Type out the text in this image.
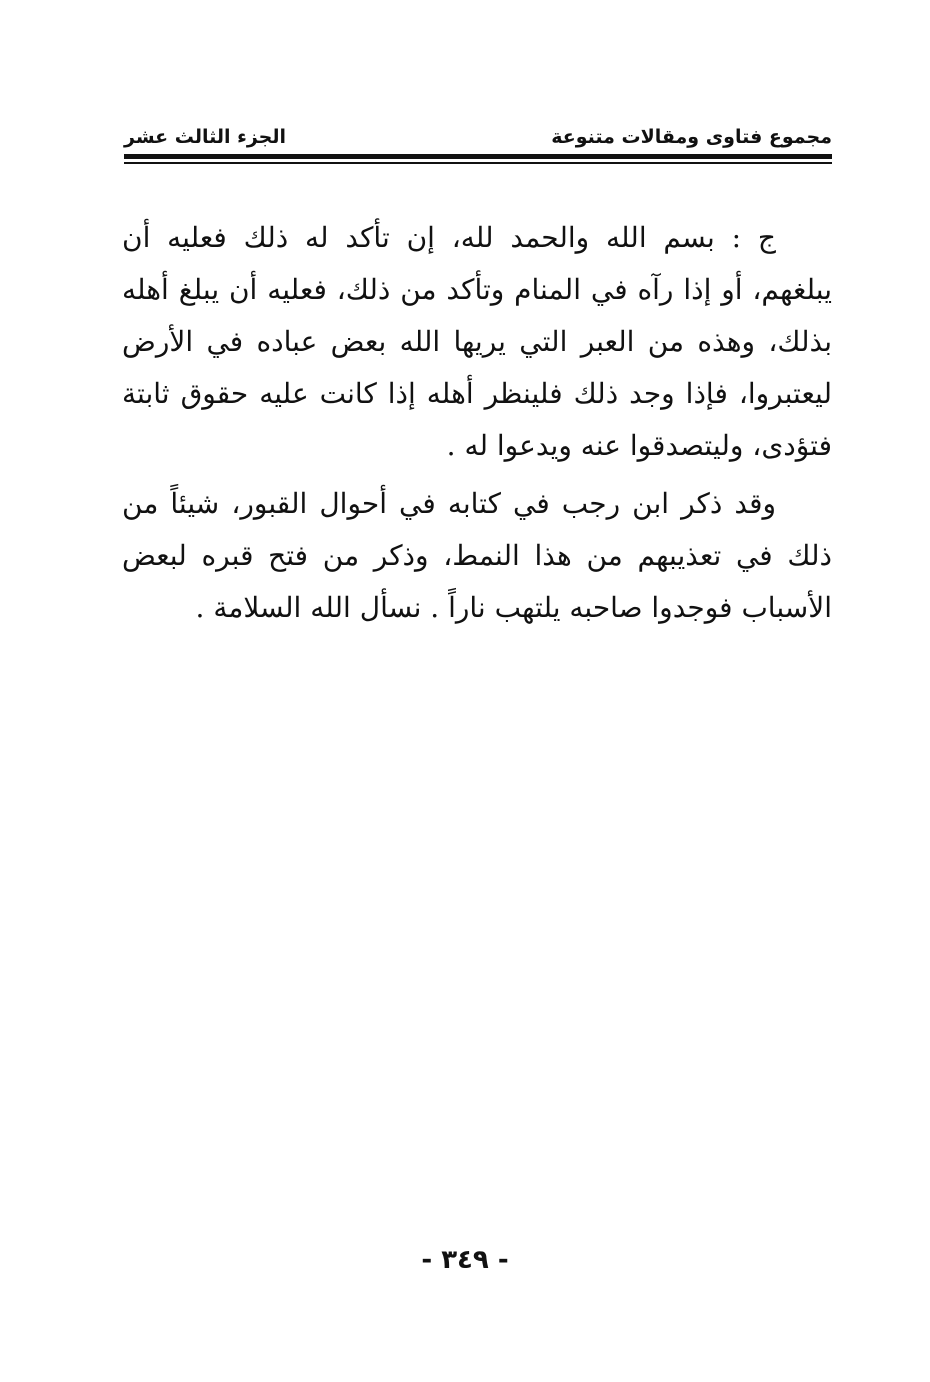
مجموع فتاوى ومقالات متنوعة
الجزء الثالث عشر

ج : بسم الله والحمد لله، إن تأكد له ذلك فعليه أن يبلغهم، أو إذا رآه في المنام وتأكد من ذلك، فعليه أن يبلغ أهله بذلك، وهذه من العبر التي يريها الله بعض عباده في الأرض ليعتبروا، فإذا وجد ذلك فلينظر أهله إذا كانت عليه حقوق ثابتة فتؤدى، وليتصدقوا عنه ويدعوا له .

وقد ذكر ابن رجب في كتابه في أحوال القبور، شيئاً من ذلك في تعذيبهم من هذا النمط، وذكر من فتح قبره لبعض الأسباب فوجدوا صاحبه يلتهب ناراً . نسأل الله السلامة .

- ٣٤٩ -
